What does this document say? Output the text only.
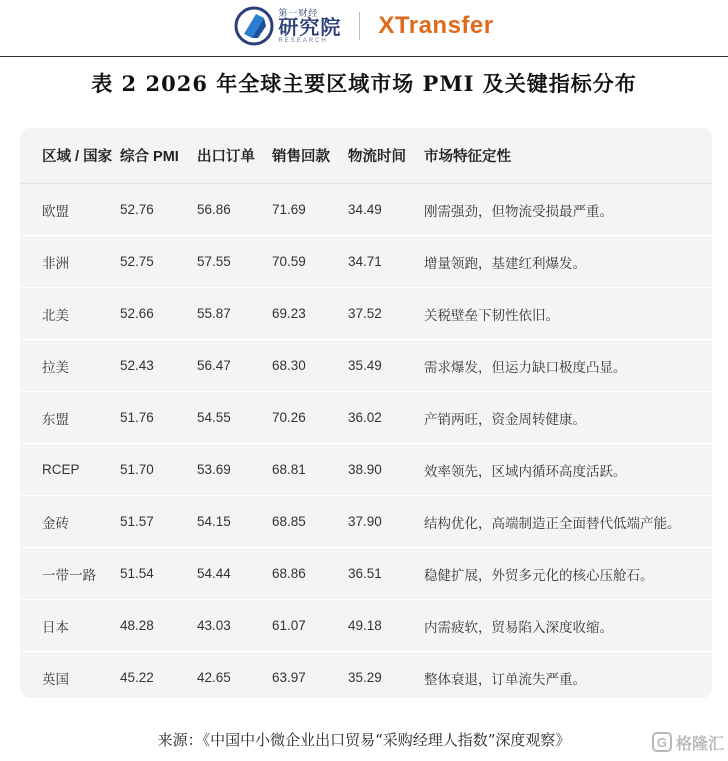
第一财经
研究院
RESEARCH
XTransfer
表 2 2026 年全球主要区域市场 PMI 及关键指标分布
区域 / 国家	综合 PMI	出口订单	销售回款	物流时间	市场特征定性
欧盟	52.76	56.86	71.69	34.49	刚需强劲，但物流受损最严重。
非洲	52.75	57.55	70.59	34.71	增量领跑，基建红利爆发。
北美	52.66	55.87	69.23	37.52	关税壁垒下韧性依旧。
拉美	52.43	56.47	68.30	35.49	需求爆发，但运力缺口极度凸显。
东盟	51.76	54.55	70.26	36.02	产销两旺，资金周转健康。
RCEP	51.70	53.69	68.81	38.90	效率领先，区域内循环高度活跃。
金砖	51.57	54.15	68.85	37.90	结构优化，高端制造正全面替代低端产能。
一带一路	51.54	54.44	68.86	36.51	稳健扩展，外贸多元化的核心压舱石。
日本	48.28	43.03	61.07	49.18	内需疲软，贸易陷入深度收缩。
英国	45.22	42.65	63.97	35.29	整体衰退，订单流失严重。
来源：《中国中小微企业出口贸易“采购经理人指数”深度观察》	G 格隆汇
